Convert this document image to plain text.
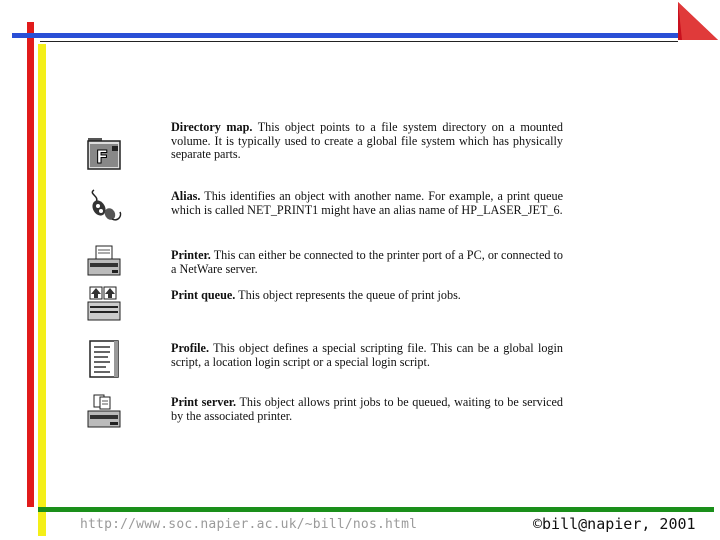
F
Directory map. This object points to a file system directory on a mounted volume. It is typically used to create a global file system which has physically separate parts.
Alias. This identifies an object with another name. For example, a print queue which is called NET_PRINT1 might have an alias name of HP_LASER_JET_6.
Printer. This can either be connected to the printer port of a PC, or connected to a NetWare server.
Print queue. This object represents the queue of print jobs.
Profile. This object defines a special scripting file. This can be a global login script, a location login script or a special login script.
Print server. This object allows print jobs to be queued, waiting to be serviced by the associated printer.
http://www.soc.napier.ac.uk/~bill/nos.html	©bill@napier, 2001
